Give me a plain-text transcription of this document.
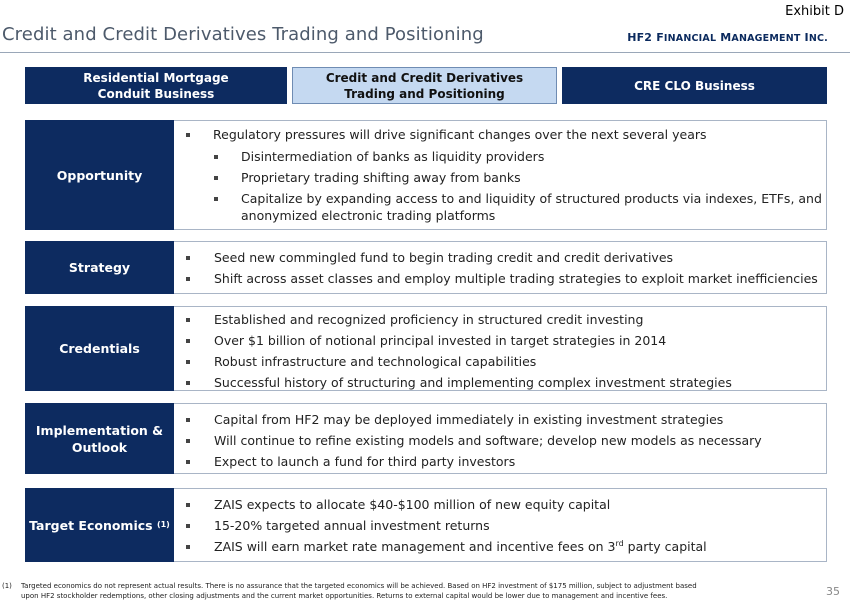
Exhibit D
Credit and Credit Derivatives Trading and Positioning	HF2 FINANCIAL MANAGEMENT INC.
Residential Mortgage
Conduit Business
Credit and Credit Derivatives
Trading and Positioning
CRE CLO Business
Opportunity
Regulatory pressures will drive significant changes over the next several years
Disintermediation of banks as liquidity providers
Proprietary trading shifting away from banks
Capitalize by expanding access to and liquidity of structured products via indexes, ETFs, and
anonymized electronic trading platforms
Strategy
Seed new commingled fund to begin trading credit and credit derivatives
Shift across asset classes and employ multiple trading strategies to exploit market inefficiencies
Credentials
Established and recognized proficiency in structured credit investing
Over $1 billion of notional principal invested in target strategies in 2014
Robust infrastructure and technological capabilities
Successful history of structuring and implementing complex investment strategies
Implementation &
Outlook
Capital from HF2 may be deployed immediately in existing investment strategies
Will continue to refine existing models and software; develop new models as necessary
Expect to launch a fund for third party investors
Target Economics
(1)
ZAIS expects to allocate $40-$100 million of new equity capital
15-20% targeted annual investment returns
ZAIS will earn market rate management and incentive fees on 3rd party capital
(1) Targeted economics do not represent actual results. There is no assurance that the targeted economics will be achieved. Based on HF2 investment of $175 million, subject to adjustment based
upon HF2 stockholder redemptions, other closing adjustments and the current market opportunities. Returns to external capital would be lower due to management and incentive fees.	35
